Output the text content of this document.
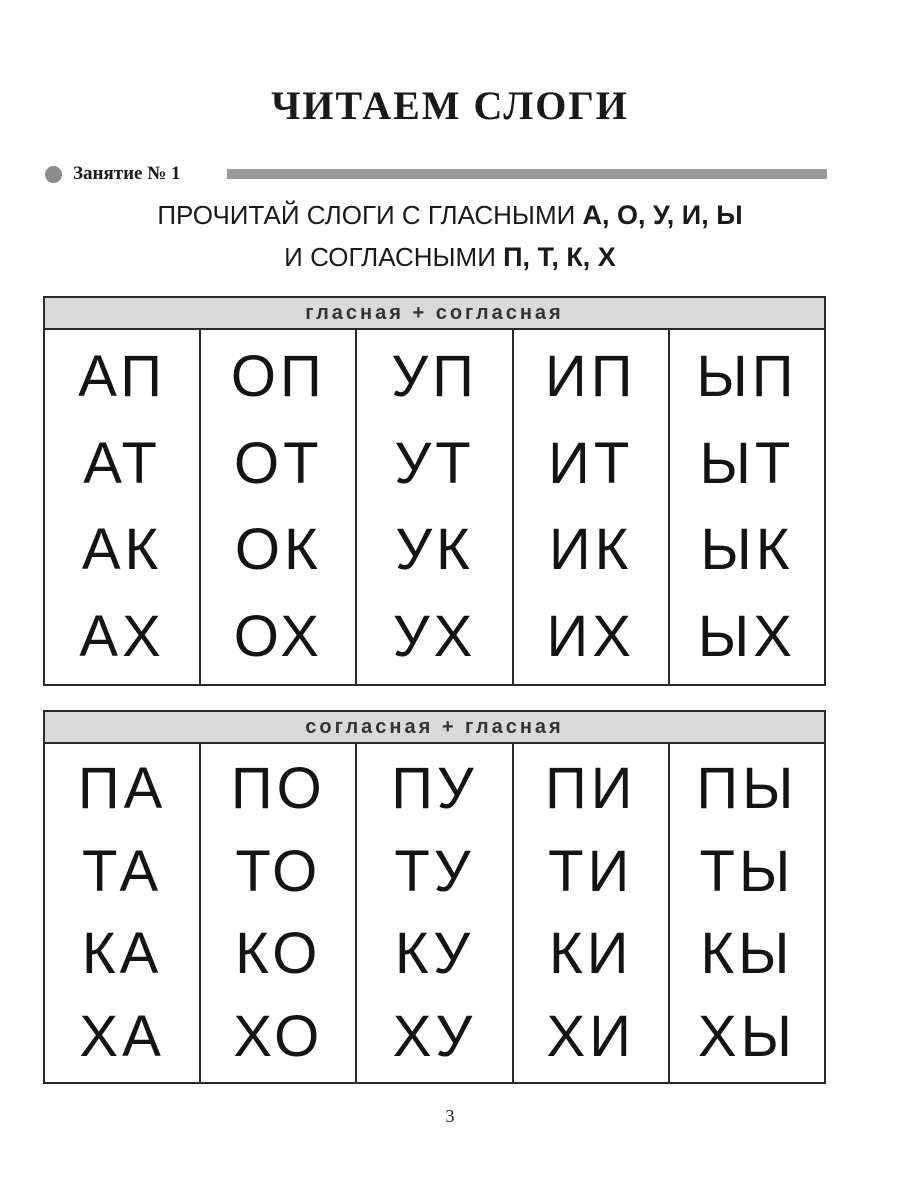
ЧИТАЕМ СЛОГИ
Занятие № 1
ПРОЧИТАЙ СЛОГИ С ГЛАСНЫМИ А, О, У, И, Ы
И СОГЛАСНЫМИ П, Т, К, Х
гласная + согласная
АП
АТ
АК
АХ
ОП
ОТ
ОК
ОХ
УП
УТ
УК
УХ
ИП
ИТ
ИК
ИХ
ЫП
ЫТ
ЫК
ЫХ
согласная + гласная
ПА
ТА
КА
ХА
ПО
ТО
КО
ХО
ПУ
ТУ
КУ
ХУ
ПИ
ТИ
КИ
ХИ
ПЫ
ТЫ
КЫ
ХЫ
3
